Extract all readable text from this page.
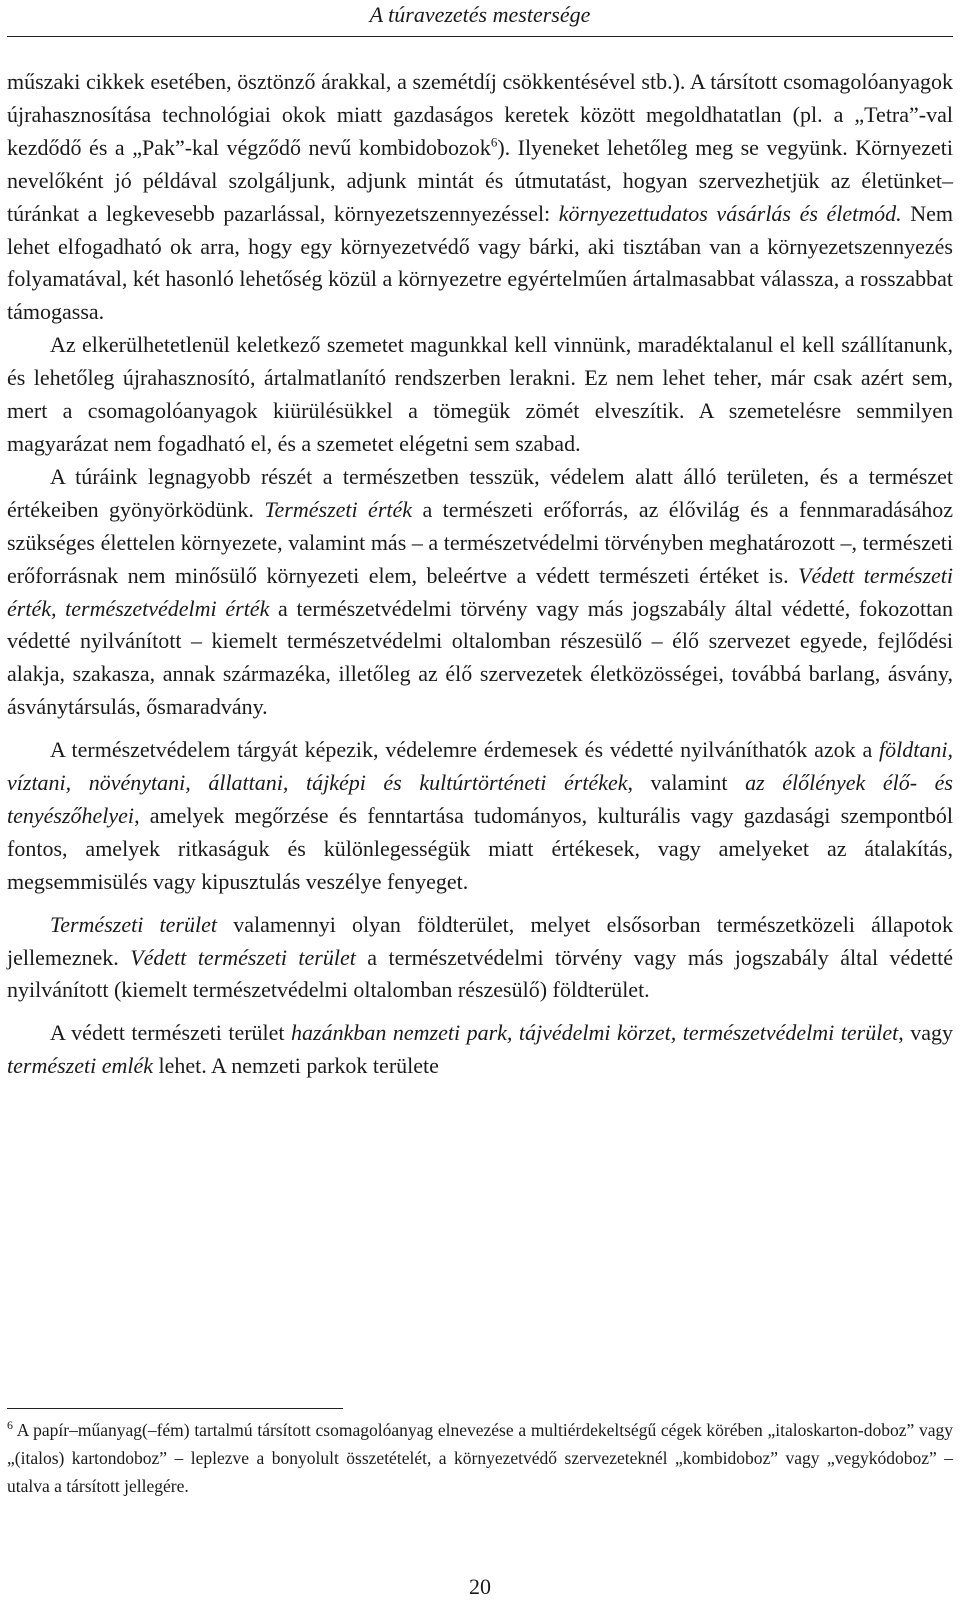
A túravezetés mestersége

műszaki cikkek esetében, ösztönző árakkal, a szemétdíj csökkentésével stb.). A társított csomagolóanyagok újrahasznosítása technológiai okok miatt gazdaságos keretek között megoldhatatlan (pl. a „Tetra”-val kezdődő és a „Pak”-kal végződő nevű kombidobozok$^6$). Ilyeneket lehetőleg meg se vegyünk. Környezeti nevelőként jó példával szolgáljunk, adjunk mintát és útmutatást, hogyan szervezhetjük az életünket–túránkat a legkevesebb pazarlással, környezetszennyezéssel: környezettudatos vásárlás és életmód. Nem lehet elfogadható ok arra, hogy egy környezetvédő vagy bárki, aki tisztában van a környezetszennyezés folyamatával, két hasonló lehetőség közül a környezetre egyértelműen ártalmasabbat válassza, a rosszabbat támogassa.

Az elkerülhetetlenül keletkező szemetet magunkkal kell vinnünk, maradéktalanul el kell szállítanunk, és lehetőleg újrahasznosító, ártalmatlanító rendszerben lerakni. Ez nem lehet teher, már csak azért sem, mert a csomagolóanyagok kiürülésükkel a tömegük zömét elveszítik. A szemetelésre semmilyen magyarázat nem fogadható el, és a szemetet elégetni sem szabad.

A túráink legnagyobb részét a természetben tesszük, védelem alatt álló területen, és a természet értékeiben gyönyörködünk. Természeti érték a természeti erőforrás, az élővilág és a fennmaradásához szükséges élettelen környezete, valamint más – a természetvédelmi törvényben meghatározott –, természeti erőforrásnak nem minősülő környezeti elem, beleértve a védett természeti értéket is. Védett természeti érték, természetvédelmi érték a természetvédelmi törvény vagy más jogszabály által védetté, fokozottan védetté nyilvánított – kiemelt természetvédelmi oltalomban részesülő – élő szervezet egyede, fejlődési alakja, szakasza, annak származéka, illetőleg az élő szervezetek életközösségei, továbbá barlang, ásvány, ásványtársulás, ősmaradvány.

A természetvédelem tárgyát képezik, védelemre érdemesek és védetté nyilváníthatók azok a földtani, víztani, növénytani, állattani, tájképi és kultúrtörténeti értékek, valamint az élőlények élő- és tenyészőhelyei, amelyek megőrzése és fenntartása tudományos, kulturális vagy gazdasági szempontból fontos, amelyek ritkaságuk és különlegességük miatt értékesek, vagy amelyeket az átalakítás, megsemmisülés vagy kipusztulás veszélye fenyeget.

Természeti terület valamennyi olyan földterület, melyet elsősorban természetközeli állapotok jellemeznek. Védett természeti terület a természetvédelmi törvény vagy más jogszabály által védetté nyilvánított (kiemelt természetvédelmi oltalomban részesülő) földterület.

A védett természeti terület hazánkban nemzeti park, tájvédelmi körzet, természetvédelmi terület, vagy természeti emlék lehet. A nemzeti parkok területe

$^6$ A papír–műanyag(–fém) tartalmú társított csomagolóanyag elnevezése a multiérdekeltségű cégek körében „italoskarton-doboz” vagy „(italos) kartondoboz” – leplezve a bonyolult összetételét, a környezetvédő szervezeteknél „kombidoboz” vagy „vegykódoboz” – utalva a társított jellegére.
20
